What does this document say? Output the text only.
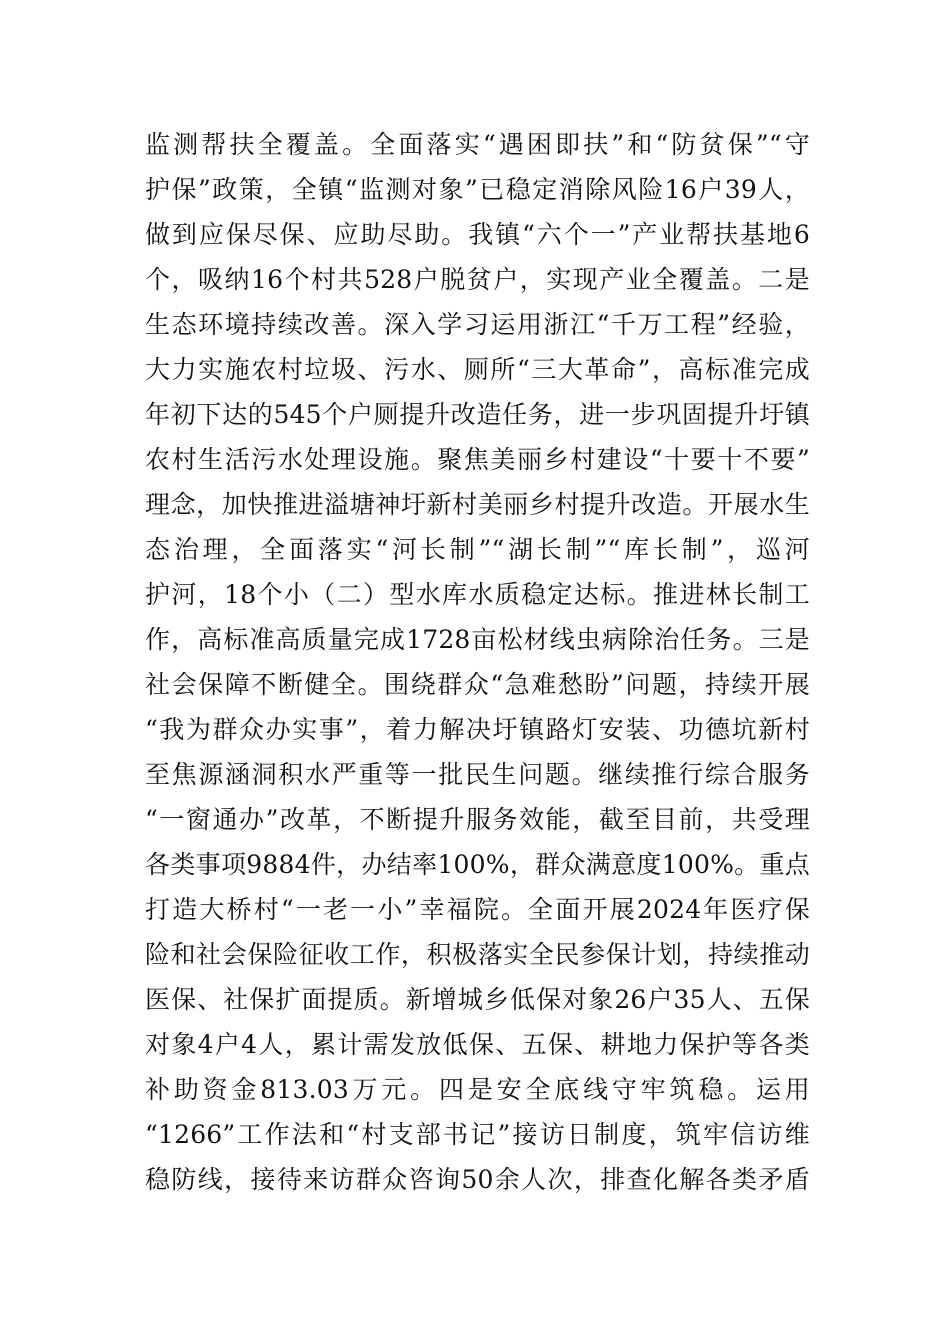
监测帮扶全覆盖。全面落实“遇困即扶”和“防贫保”“守
护保”政策，全镇“监测对象”已稳定消除风险16户39人，
做到应保尽保、应助尽助。我镇“六个一”产业帮扶基地6
个，吸纳16个村共528户脱贫户，实现产业全覆盖。二是
生态环境持续改善。深入学习运用浙江“千万工程”经验，
大力实施农村垃圾、污水、厕所“三大革命”，高标准完成
年初下达的545个户厕提升改造任务，进一步巩固提升圩镇
农村生活污水处理设施。聚焦美丽乡村建设“十要十不要”
理念，加快推进溢塘神圩新村美丽乡村提升改造。开展水生
态治理，全面落实“河长制”“湖长制”“库长制”，巡河
护河，18个小（二）型水库水质稳定达标。推进林长制工
作，高标准高质量完成1728亩松材线虫病除治任务。三是
社会保障不断健全。围绕群众“急难愁盼”问题，持续开展
“我为群众办实事”，着力解决圩镇路灯安装、功德坑新村
至焦源涵洞积水严重等一批民生问题。继续推行综合服务
“一窗通办”改革，不断提升服务效能，截至目前，共受理
各类事项9884件，办结率100%，群众满意度100%。重点
打造大桥村“一老一小”幸福院。全面开展2024年医疗保
险和社会保险征收工作，积极落实全民参保计划，持续推动
医保、社保扩面提质。新增城乡低保对象26户35人、五保
对象4户4人，累计需发放低保、五保、耕地力保护等各类
补助资金813.03万元。四是安全底线守牢筑稳。运用
“1266”工作法和“村支部书记”接访日制度，筑牢信访维
稳防线，接待来访群众咨询50余人次，排查化解各类矛盾
